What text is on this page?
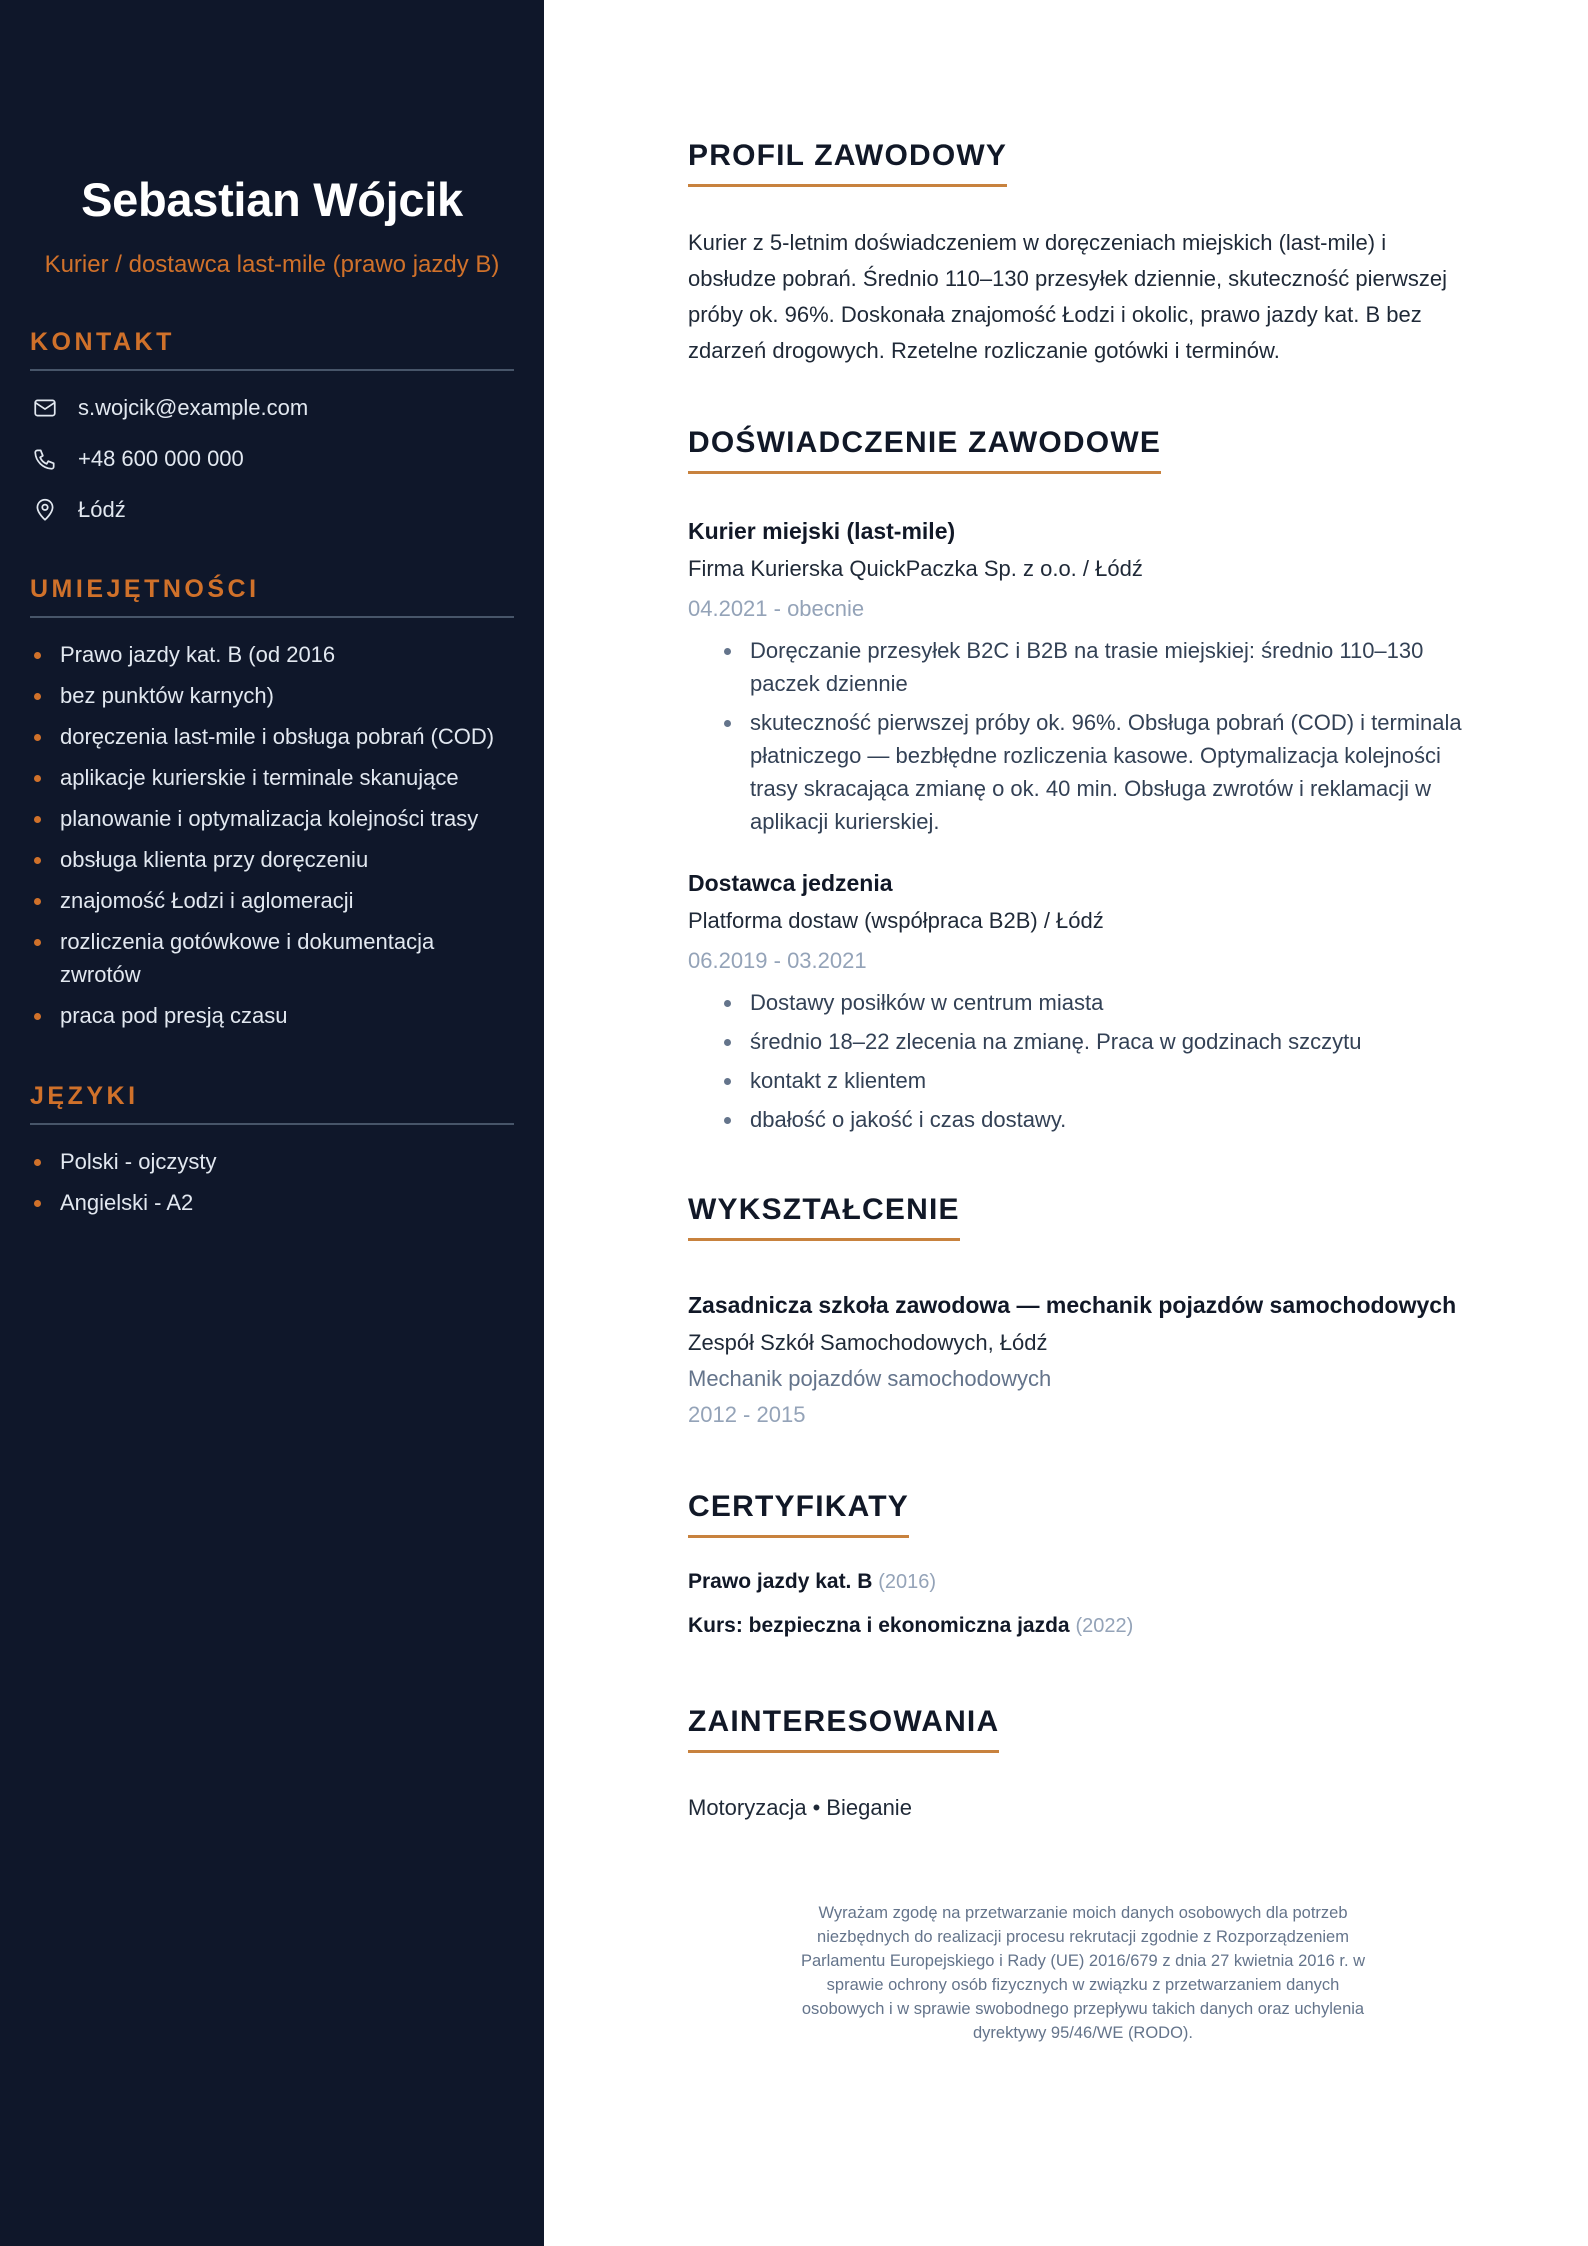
Sebastian Wójcik
Kurier / dostawca last-mile (prawo jazdy B)
KONTAKT
s.wojcik@example.com
+48 600 000 000
Łódź
UMIEJĘTNOŚCI
Prawo jazdy kat. B (od 2016
bez punktów karnych)
doręczenia last-mile i obsługa pobrań (COD)
aplikacje kurierskie i terminale skanujące
planowanie i optymalizacja kolejności trasy
obsługa klienta przy doręczeniu
znajomość Łodzi i aglomeracji
rozliczenia gotówkowe i dokumentacja zwrotów
praca pod presją czasu
JĘZYKI
Polski - ojczysty
Angielski - A2
PROFIL ZAWODOWY

Kurier z 5-letnim doświadczeniem w doręczeniach miejskich (last-mile) i obsłudze pobrań. Średnio 110–130 przesyłek dziennie, skuteczność pierwszej próby ok. 96%. Doskonała znajomość Łodzi i okolic, prawo jazdy kat. B bez zdarzeń drogowych. Rzetelne rozliczanie gotówki i terminów.

DOŚWIADCZENIE ZAWODOWE
Kurier miejski (last-mile)
Firma Kurierska QuickPaczka Sp. z o.o. / Łódź
04.2021 - obecnie
Doręczanie przesyłek B2C i B2B na trasie miejskiej: średnio 110–130 paczek dziennie
skuteczność pierwszej próby ok. 96%. Obsługa pobrań (COD) i terminala płatniczego — bezbłędne rozliczenia kasowe. Optymalizacja kolejności trasy skracająca zmianę o ok. 40 min. Obsługa zwrotów i reklamacji w aplikacji kurierskiej.
Dostawca jedzenia
Platforma dostaw (współpraca B2B) / Łódź
06.2019 - 03.2021
Dostawy posiłków w centrum miasta
średnio 18–22 zlecenia na zmianę. Praca w godzinach szczytu
kontakt z klientem
dbałość o jakość i czas dostawy.
WYKSZTAŁCENIE
Zasadnicza szkoła zawodowa — mechanik pojazdów samochodowych
Zespół Szkół Samochodowych, Łódź
Mechanik pojazdów samochodowych
2012 - 2015
CERTYFIKATY
Prawo jazdy kat. B (2016)
Kurs: bezpieczna i ekonomiczna jazda (2022)
ZAINTERESOWANIA
Motoryzacja • Bieganie

Wyrażam zgodę na przetwarzanie moich danych osobowych dla potrzeb niezbędnych do realizacji procesu rekrutacji zgodnie z Rozporządzeniem Parlamentu Europejskiego i Rady (UE) 2016/679 z dnia 27 kwietnia 2016 r. w sprawie ochrony osób fizycznych w związku z przetwarzaniem danych osobowych i w sprawie swobodnego przepływu takich danych oraz uchylenia dyrektywy 95/46/WE (RODO).
